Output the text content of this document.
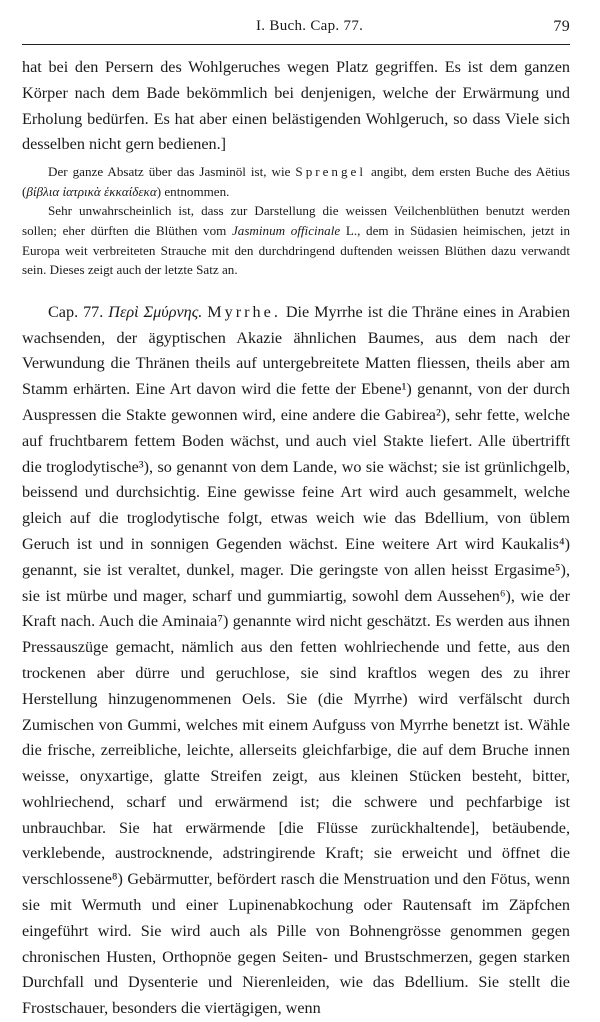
I. Buch. Cap. 77.	79

hat bei den Persern des Wohlgeruches wegen Platz gegriffen. Es ist dem ganzen Körper nach dem Bade bekömmlich bei denjenigen, welche der Erwärmung und Erholung bedürfen. Es hat aber einen belästigenden Wohlgeruch, so dass Viele sich desselben nicht gern bedienen.]

Der ganze Absatz über das Jasminöl ist, wie Sprengel angibt, dem ersten Buche des Aëtius (βίβλια ἰατρικὰ ἑκκαίδεκα) entnommen.

Sehr unwahrscheinlich ist, dass zur Darstellung die weissen Veilchenblüthen benutzt werden sollen; eher dürften die Blüthen vom Jasminum officinale L., dem in Südasien heimischen, jetzt in Europa weit verbreiteten Strauche mit den durchdringend duftenden weissen Blüthen dazu verwandt sein. Dieses zeigt auch der letzte Satz an.

Cap. 77. Περὶ Σμύρνης. Myrrhe. Die Myrrhe ist die Thräne eines in Arabien wachsenden, der ägyptischen Akazie ähnlichen Baumes, aus dem nach der Verwundung die Thränen theils auf untergebreitete Matten fliessen, theils aber am Stamm erhärten. Eine Art davon wird die fette der Ebene¹) genannt, von der durch Auspressen die Stakte gewonnen wird, eine andere die Gabirea²), sehr fette, welche auf fruchtbarem fettem Boden wächst, und auch viel Stakte liefert. Alle übertrifft die troglodytische³), so genannt von dem Lande, wo sie wächst; sie ist grünlichgelb, beissend und durchsichtig. Eine gewisse feine Art wird auch gesammelt, welche gleich auf die troglodytische folgt, etwas weich wie das Bdellium, von üblem Geruch ist und in sonnigen Gegenden wächst. Eine weitere Art wird Kaukalis⁴) genannt, sie ist veraltet, dunkel, mager. Die geringste von allen heisst Ergasime⁵), sie ist mürbe und mager, scharf und gummiartig, sowohl dem Aussehen⁶), wie der Kraft nach. Auch die Aminaia⁷) genannte wird nicht geschätzt. Es werden aus ihnen Pressauszüge gemacht, nämlich aus den fetten wohlriechende und fette, aus den trockenen aber dürre und geruchlose, sie sind kraftlos wegen des zu ihrer Herstellung hinzugenommenen Oels. Sie (die Myrrhe) wird verfälscht durch Zumischen von Gummi, welches mit einem Aufguss von Myrrhe benetzt ist. Wähle die frische, zerreibliche, leichte, allerseits gleichfarbige, die auf dem Bruche innen weisse, onyxartige, glatte Streifen zeigt, aus kleinen Stücken besteht, bitter, wohlriechend, scharf und erwärmend ist; die schwere und pechfarbige ist unbrauchbar. Sie hat erwärmende [die Flüsse zurückhaltende], betäubende, verklebende, austrocknende, adstringirende Kraft; sie erweicht und öffnet die verschlossene⁸) Gebärmutter, befördert rasch die Menstruation und den Fötus, wenn sie mit Wermuth und einer Lupinenabkochung oder Rautensaft im Zäpfchen eingeführt wird. Sie wird auch als Pille von Bohnengrösse genommen gegen chronischen Husten, Orthopnöe gegen Seiten- und Brustschmerzen, gegen starken Durchfall und Dysenterie und Nierenleiden, wie das Bdellium. Sie stellt die Frostschauer, besonders die viertägigen, wenn
